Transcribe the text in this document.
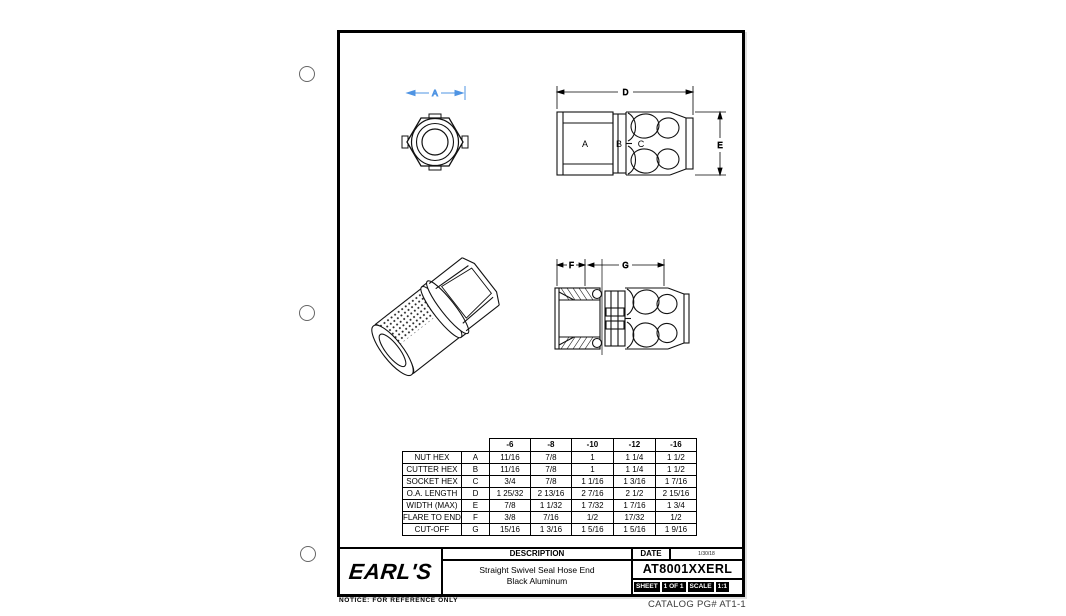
A	D
A	B C	E
F	G
		-6	-8	-10	-12	-16
NUT HEX	A	11/16	7/8	1	1 1/4	1 1/2
CUTTER HEX	B	11/16	7/8	1	1 1/4	1 1/2
SOCKET HEX	C	3/4	7/8	1 1/16	1 3/16	1 7/16
O.A. LENGTH	D	1 25/32	2 13/16	2 7/16	2 1/2	2 15/16
WIDTH (MAX)	E	7/8	1 1/32	1 7/32	1 7/16	1 3/4
FLARE TO END	F	3/8	7/16	1/2	17/32	1/2
CUT-OFF	G	15/16	1 3/16	1 5/16	1 5/16	1 9/16
EARL'S
DESCRIPTION
Straight Swivel Seal Hose End
Black Aluminum
DATE	1/30/18
AT8001XXERL
SHEET 1 OF 1 SCALE 1:1
NOTICE: FOR REFERENCE ONLY	CATALOG PG# AT1-1
